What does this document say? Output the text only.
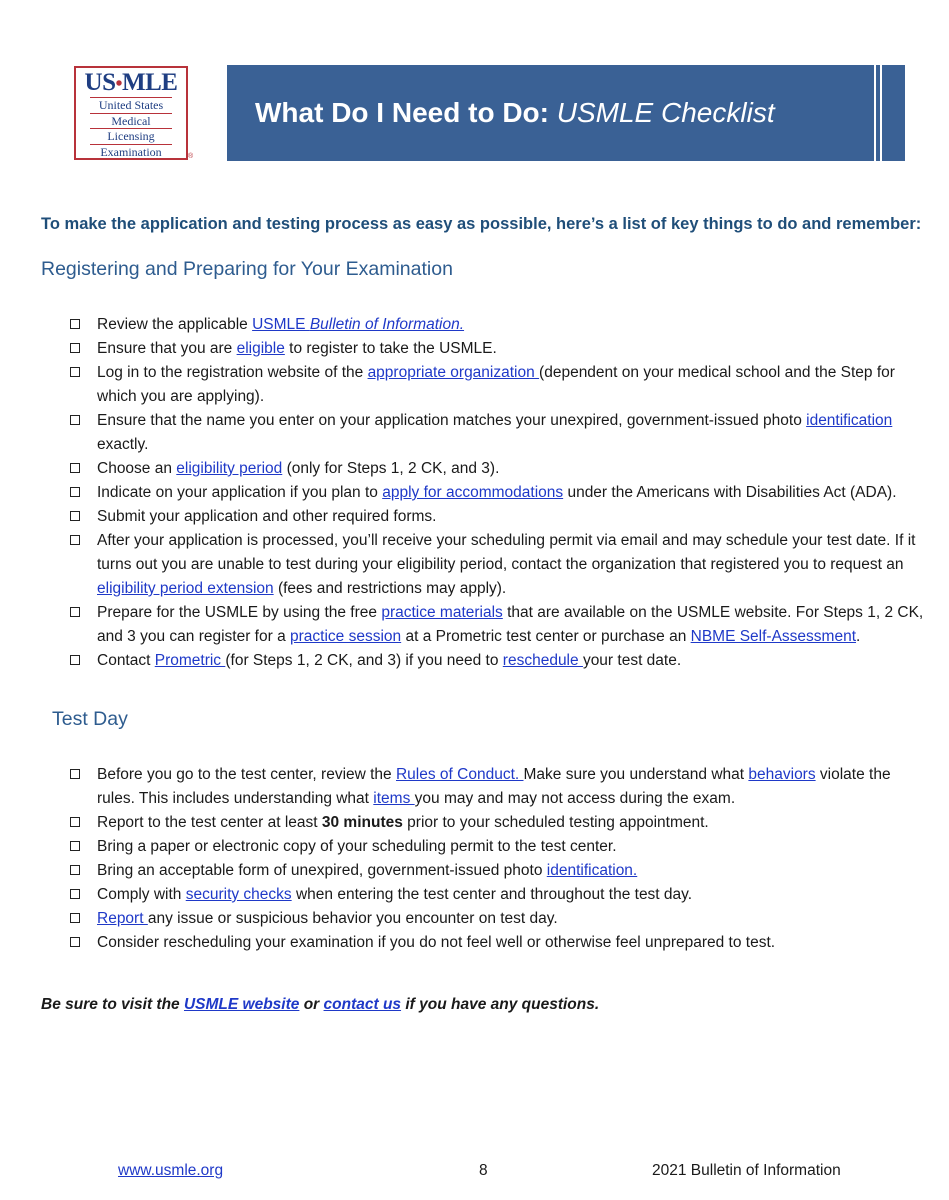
US•MLE
United States
Medical
Licensing
Examination	®
What Do I Need to Do: USMLE Checklist
To make the application and testing process as easy as possible, here’s a list of key things to do and remember:
Registering and Preparing for Your Examination
Review the applicable USMLE Bulletin of Information.
Ensure that you are eligible to register to take the USMLE.
Log in to the registration website of the appropriate organization (dependent on your medical school and the Step for which you are applying).
Ensure that the name you enter on your application matches your unexpired, government-issued photo identification exactly.
Choose an eligibility period (only for Steps 1, 2 CK, and 3).
Indicate on your application if you plan to apply for accommodations under the Americans with Disabilities Act (ADA).
Submit your application and other required forms.
After your application is processed, you’ll receive your scheduling permit via email and may schedule your test date. If it turns out you are unable to test during your eligibility period, contact the organization that registered you to request an eligibility period extension (fees and restrictions may apply).
Prepare for the USMLE by using the free practice materials that are available on the USMLE website. For Steps 1, 2 CK, and 3 you can register for a practice session at a Prometric test center or purchase an NBME Self-Assessment.
Contact Prometric (for Steps 1, 2 CK, and 3) if you need to reschedule your test date.
Test Day
Before you go to the test center, review the Rules of Conduct. Make sure you understand what behaviors violate the rules. This includes understanding what items you may and may not access during the exam.
Report to the test center at least 30 minutes prior to your scheduled testing appointment.
Bring a paper or electronic copy of your scheduling permit to the test center.
Bring an acceptable form of unexpired, government-issued photo identification.
Comply with security checks when entering the test center and throughout the test day.
Report any issue or suspicious behavior you encounter on test day.
Consider rescheduling your examination if you do not feel well or otherwise feel unprepared to test.
Be sure to visit the USMLE website or contact us if you have any questions.
www.usmle.org	8	2021 Bulletin of Information
